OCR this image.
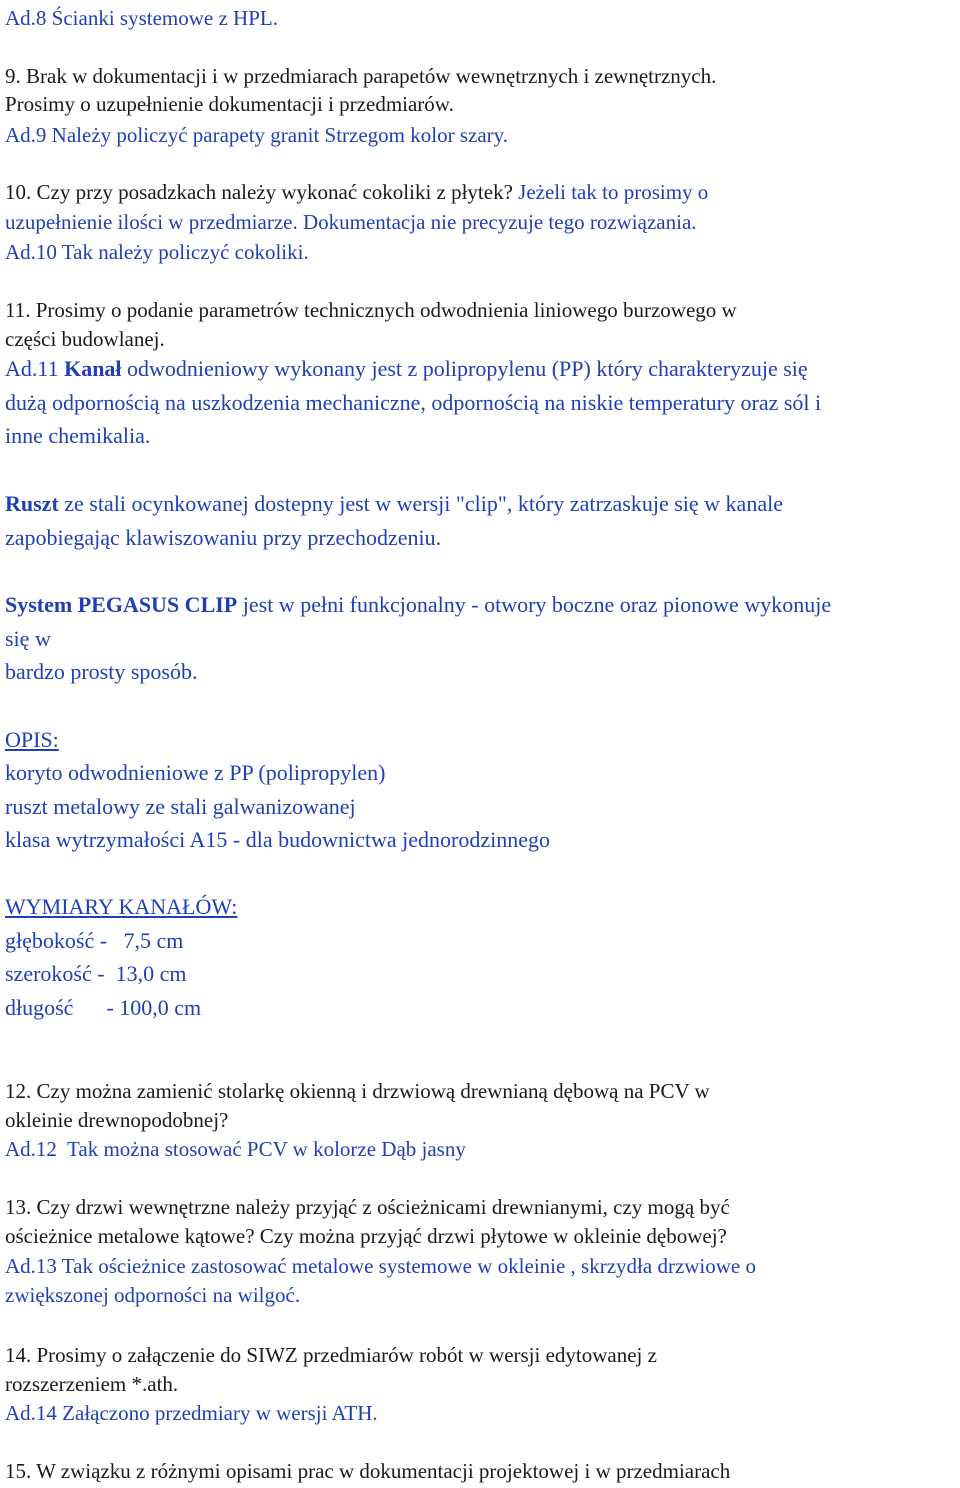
Ad.8 Ścianki systemowe z HPL.
9. Brak w dokumentacji i w przedmiarach parapetów wewnętrznych i zewnętrznych.
Prosimy o uzupełnienie dokumentacji i przedmiarów.
Ad.9 Należy policzyć parapety granit Strzegom kolor szary.
10. Czy przy posadzkach należy wykonać cokoliki z płytek? Jeżeli tak to prosimy o
uzupełnienie ilości w przedmiarze. Dokumentacja nie precyzuje tego rozwiązania.
Ad.10 Tak należy policzyć cokoliki.
11. Prosimy o podanie parametrów technicznych odwodnienia liniowego burzowego w
części budowlanej.
Ad.11 Kanał odwodnieniowy wykonany jest z polipropylenu (PP) który charakteryzuje się
dużą odpornością na uszkodzenia mechaniczne, odpornością na niskie temperatury oraz sól i
inne chemikalia.
Ruszt ze stali ocynkowanej dostepny jest w wersji "clip", który zatrzaskuje się w kanale
zapobiegając klawiszowaniu przy przechodzeniu.
System PEGASUS CLIP jest w pełni funkcjonalny - otwory boczne oraz pionowe wykonuje
się w
bardzo prosty sposób.
OPIS:
koryto odwodnieniowe z PP (polipropylen)
ruszt metalowy ze stali galwanizowanej
klasa wytrzymałości A15 - dla budownictwa jednorodzinnego
WYMIARY KANAŁÓW:
głębokość -   7,5 cm
szerokość -  13,0 cm
długość      - 100,0 cm
12. Czy można zamienić stolarkę okienną i drzwiową drewnianą dębową na PCV w
okleinie drewnopodobnej?
Ad.12  Tak można stosować PCV w kolorze Dąb jasny
13. Czy drzwi wewnętrzne należy przyjąć z ościeżnicami drewnianymi, czy mogą być
ościeżnice metalowe kątowe? Czy można przyjąć drzwi płytowe w okleinie dębowej?
Ad.13 Tak ościeżnice zastosować metalowe systemowe w okleinie , skrzydła drzwiowe o
zwiększonej odporności na wilgoć.
14. Prosimy o załączenie do SIWZ przedmiarów robót w wersji edytowanej z
rozszerzeniem *.ath.
Ad.14 Załączono przedmiary w wersji ATH.
15. W związku z różnymi opisami prac w dokumentacji projektowej i w przedmiarach
